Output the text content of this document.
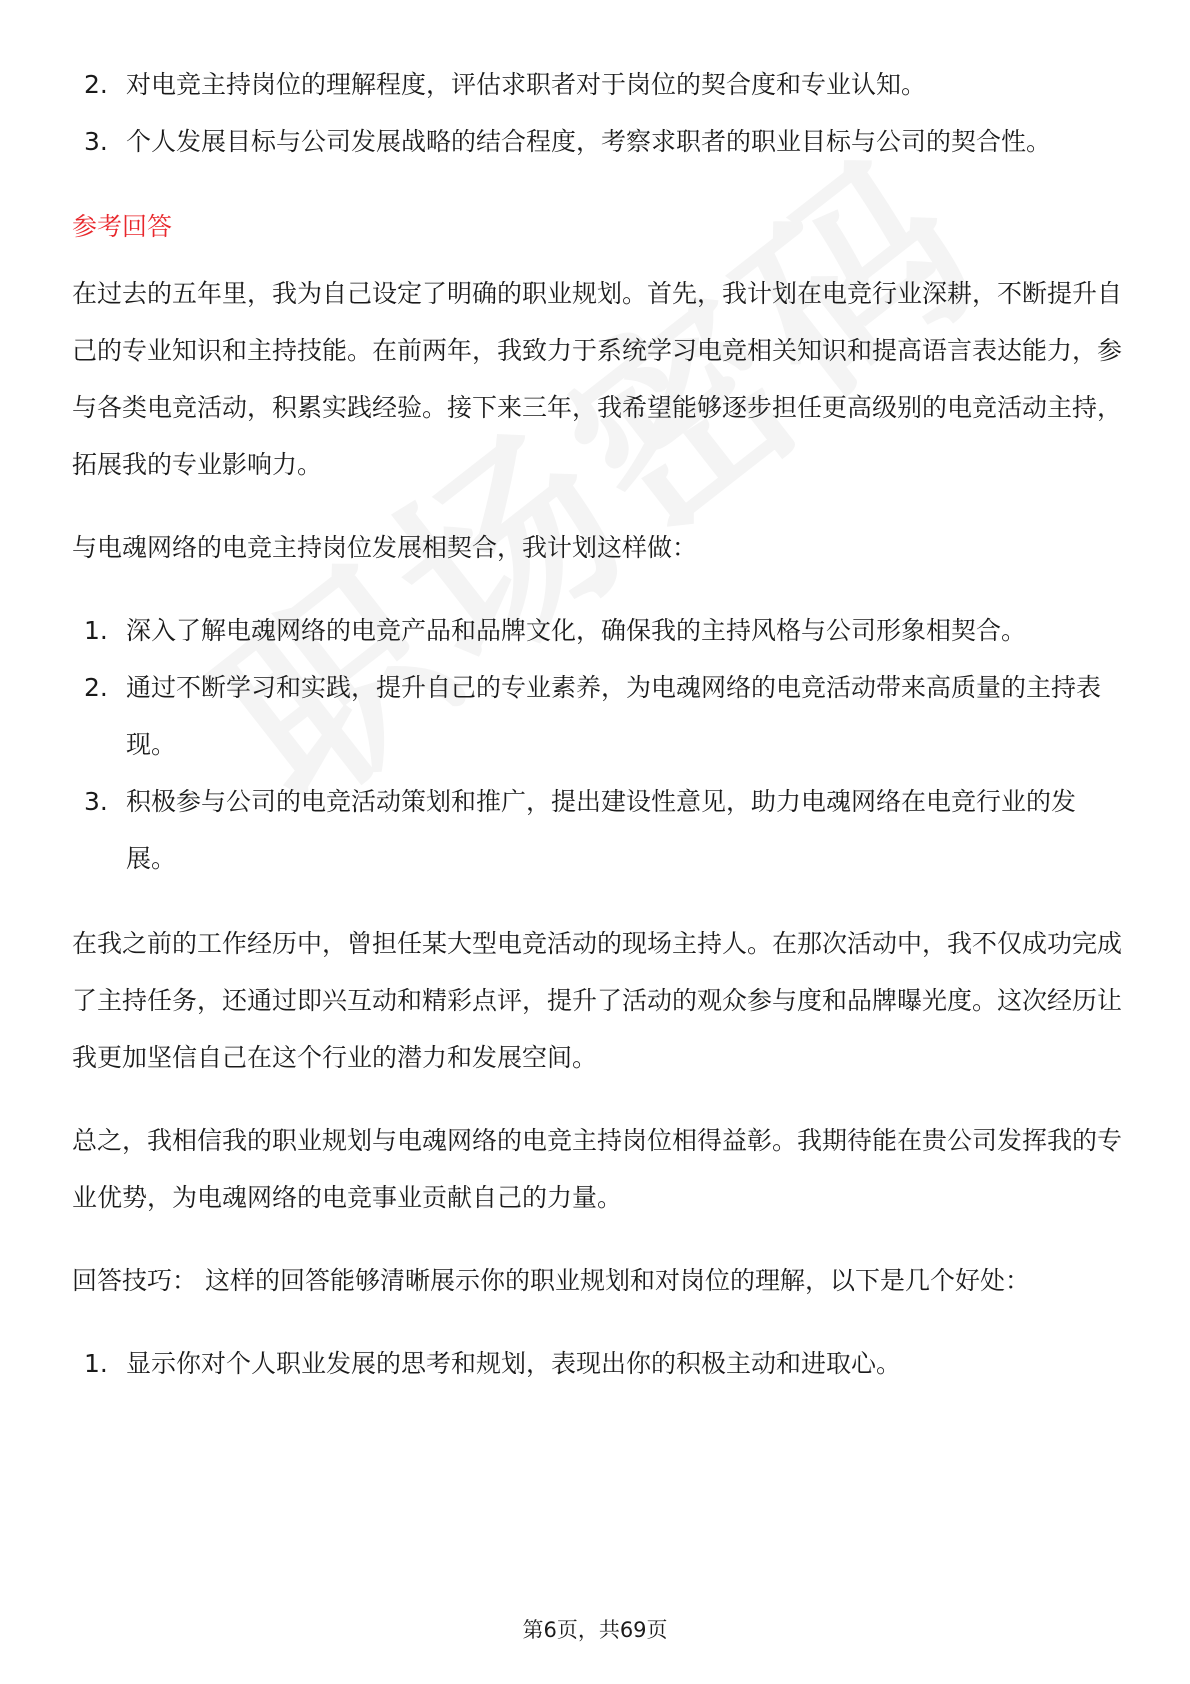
2. 对电竞主持岗位的理解程度，评估求职者对于岗位的契合度和专业认知。
3. 个人发展目标与公司发展战略的结合程度，考察求职者的职业目标与公司的契合性。
参考回答

在过去的五年里，我为自己设定了明确的职业规划。首先，我计划在电竞行业深耕，不断提升自己的专业知识和主持技能。在前两年，我致力于系统学习电竞相关知识和提高语言表达能力，参与各类电竞活动，积累实践经验。接下来三年，我希望能够逐步担任更高级别的电竞活动主持，拓展我的专业影响力。

与电魂网络的电竞主持岗位发展相契合，我计划这样做：

1. 深入了解电魂网络的电竞产品和品牌文化，确保我的主持风格与公司形象相契合。
2. 通过不断学习和实践，提升自己的专业素养，为电魂网络的电竞活动带来高质量的主持表现。
3. 积极参与公司的电竞活动策划和推广，提出建设性意见，助力电魂网络在电竞行业的发展。

在我之前的工作经历中，曾担任某大型电竞活动的现场主持人。在那次活动中，我不仅成功完成了主持任务，还通过即兴互动和精彩点评，提升了活动的观众参与度和品牌曝光度。这次经历让我更加坚信自己在这个行业的潜力和发展空间。

总之，我相信我的职业规划与电魂网络的电竞主持岗位相得益彰。我期待能在贵公司发挥我的专业优势，为电魂网络的电竞事业贡献自己的力量。

回答技巧： 这样的回答能够清晰展示你的职业规划和对岗位的理解，以下是几个好处：

1. 显示你对个人职业发展的思考和规划，表现出你的积极主动和进取心。
第6页，共69页
